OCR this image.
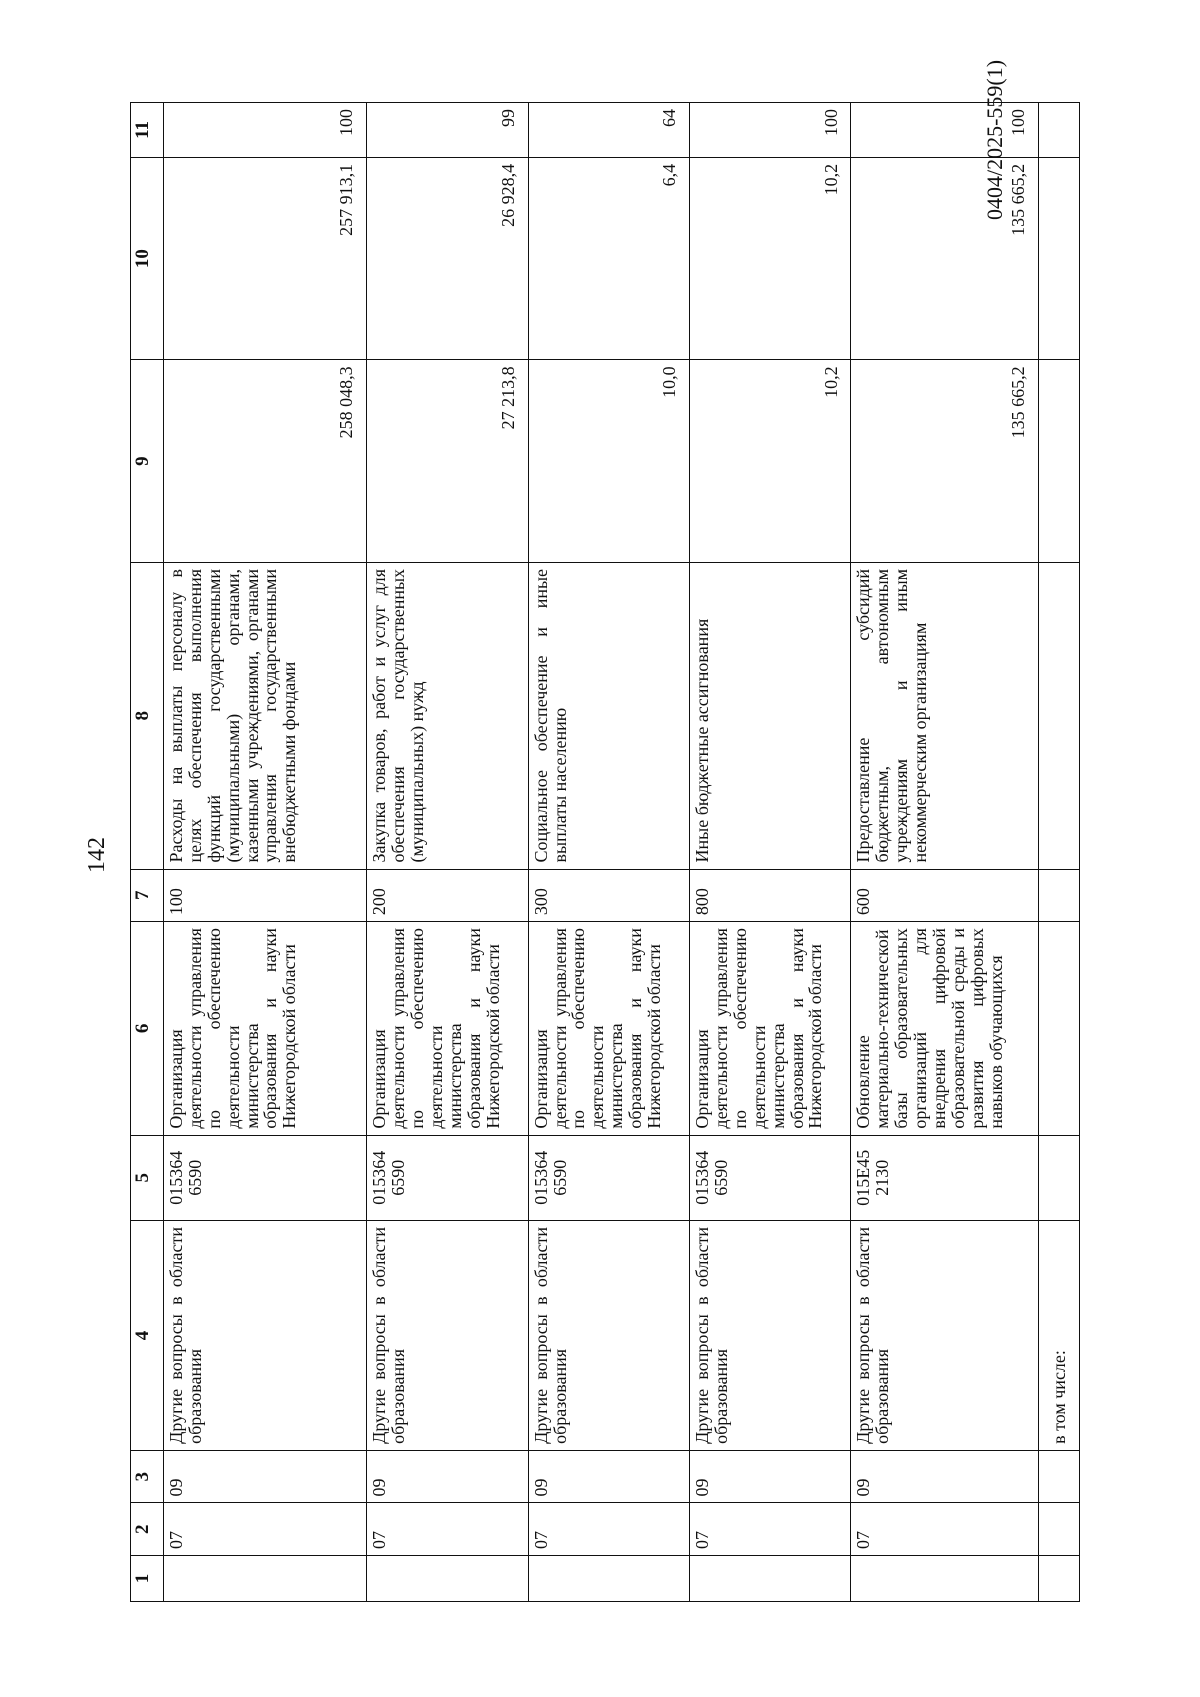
142
0404/2025-559(1)
1	2	3	4	5	6	7	8	9	10	11
	07	09	Другие вопросы в области образования	015364 6590	Организация деятельности управления по обеспечению деятельности министерства образования и науки Нижегородской области	100	Расходы на выплаты персоналу в целях обеспечения выполнения функций государственными (муниципальными) органами, казенными учреждениями, органами управления государственными внебюджетными фондами	258 048,3	257 913,1	100
	07	09	Другие вопросы в области образования	015364 6590	Организация деятельности управления по обеспечению деятельности министерства образования и науки Нижегородской области	200	Закупка товаров, работ и услуг для обеспечения государственных (муниципальных) нужд	27 213,8	26 928,4	99
	07	09	Другие вопросы в области образования	015364 6590	Организация деятельности управления по обеспечению деятельности министерства образования и науки Нижегородской области	300	Социальное обеспечение и иные выплаты населению	10,0	6,4	64
	07	09	Другие вопросы в области образования	015364 6590	Организация деятельности управления по обеспечению деятельности министерства образования и науки Нижегородской области	800	Иные бюджетные ассигнования	10,2	10,2	100
	07	09	Другие вопросы в области образования	015E45 2130	Обновление материально-технической базы образовательных организаций для внедрения цифровой образовательной среды и развития цифровых навыков обучающихся	600	Предоставление субсидий бюджетным, автономным учреждениям и иным некоммерческим организациям	135 665,2	135 665,2	100
			в том числе:							
